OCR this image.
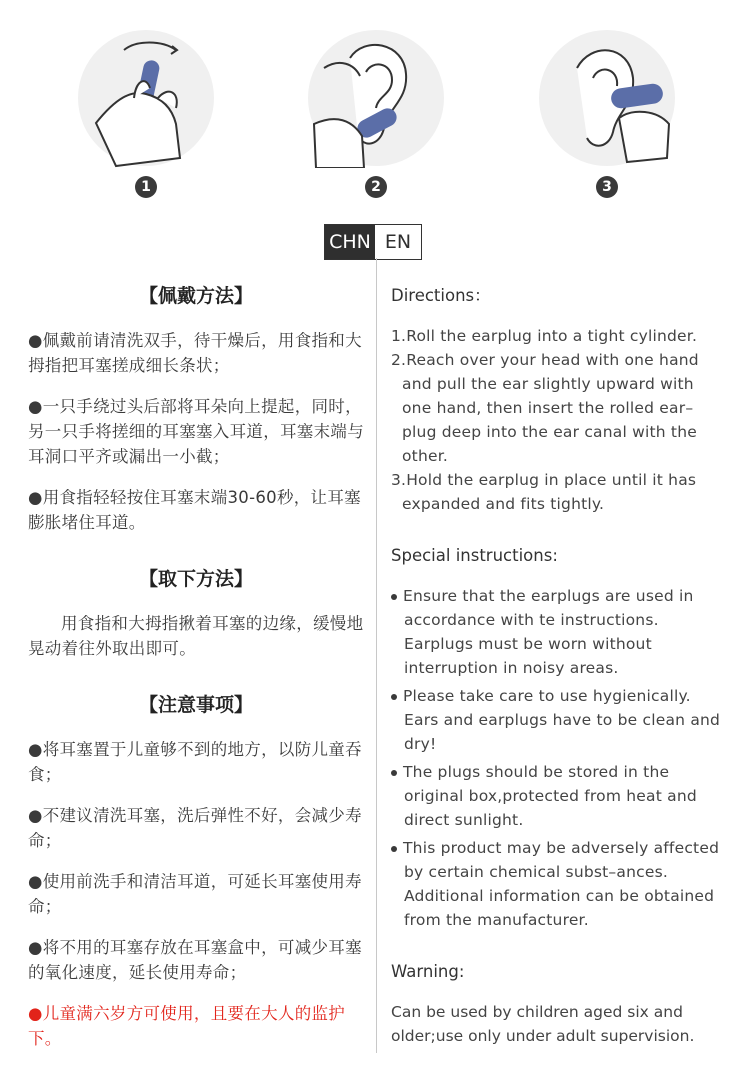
1	2	3
CHN EN
【佩戴方法】

●佩戴前请清洗双手，待干燥后，用食指和大拇指把耳塞搓成细长条状；

●一只手绕过头后部将耳朵向上提起，同时，另一只手将搓细的耳塞塞入耳道，耳塞末端与耳洞口平齐或漏出一小截；

●用食指轻轻按住耳塞末端30-60秒，让耳塞膨胀堵住耳道。

【取下方法】

用食指和大拇指揪着耳塞的边缘，缓慢地晃动着往外取出即可。

【注意事项】

●将耳塞置于儿童够不到的地方，以防儿童吞食；

●不建议清洗耳塞，洗后弹性不好，会减少寿命；

●使用前洗手和清洁耳道，可延长耳塞使用寿命；

●将不用的耳塞存放在耳塞盒中，可减少耳塞的氧化速度，延长使用寿命；

●儿童满六岁方可使用，且要在大人的监护下。

Directions：
1.Roll the earplug into a tight cylinder.
2.Reach over your head with one hand and pull the ear slightly upward with one hand, then insert the rolled ear–plug deep into the ear canal with the other.
3.Hold the earplug in place until it has expanded and fits tightly.
Special instructions:
Ensure that the earplugs are used in accordance with te instructions. Earplugs must be worn without interruption in noisy areas.
Please take care to use hygienically. Ears and earplugs have to be clean and dry!
The plugs should be stored in the original box,protected from heat and direct sunlight.
This product may be adversely affected by certain chemical subst–ances. Additional information can be obtained from the manufacturer.
Warning:

Can be used by children aged six and older;use only under adult supervision.
